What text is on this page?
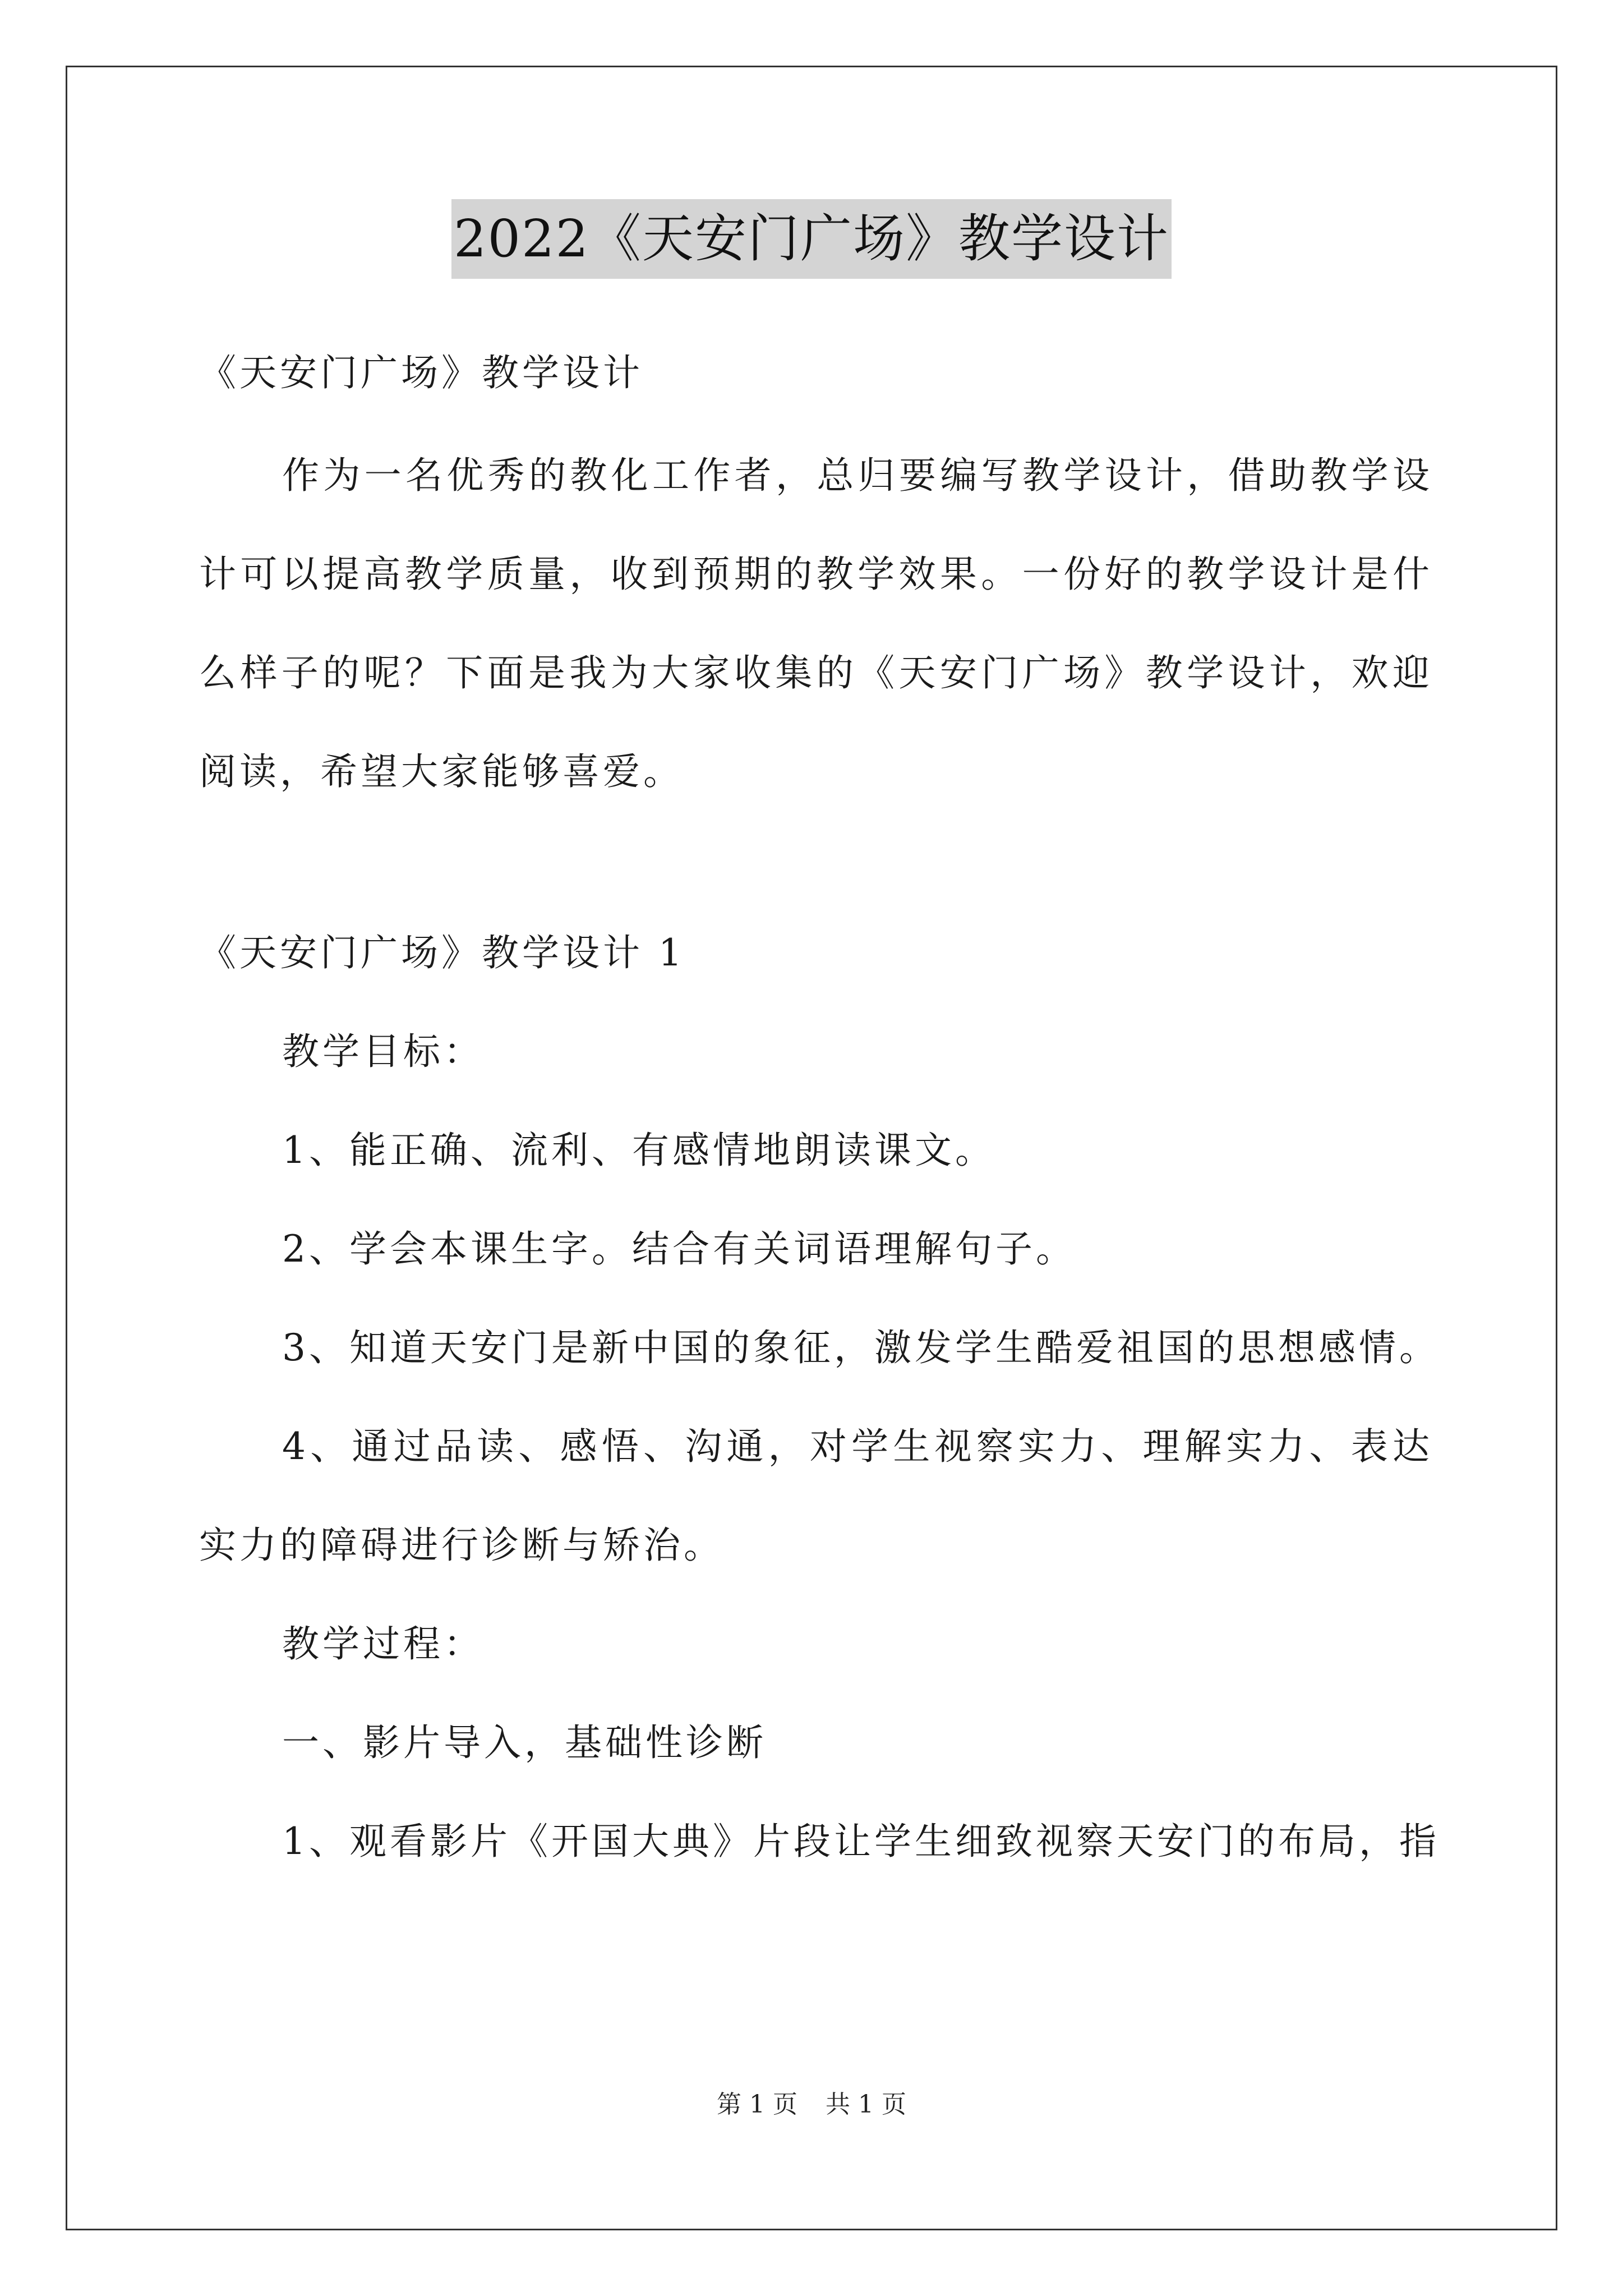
2022《天安门广场》教学设计

《天安门广场》教学设计

作为一名优秀的教化工作者，总归要编写教学设计，借助教学设计可以提高教学质量，收到预期的教学效果。一份好的教学设计是什么样子的呢？下面是我为大家收集的《天安门广场》教学设计，欢迎阅读，希望大家能够喜爱。

《天安门广场》教学设计 1

教学目标：

1、能正确、流利、有感情地朗读课文。

2、学会本课生字。结合有关词语理解句子。

3、知道天安门是新中国的象征，激发学生酷爱祖国的思想感情。

4、通过品读、感悟、沟通，对学生视察实力、理解实力、表达实力的障碍进行诊断与矫治。

教学过程：

一、影片导入，基础性诊断

1、观看影片《开国大典》片段让学生细致视察天安门的布局，指

第 1 页 共 1 页
